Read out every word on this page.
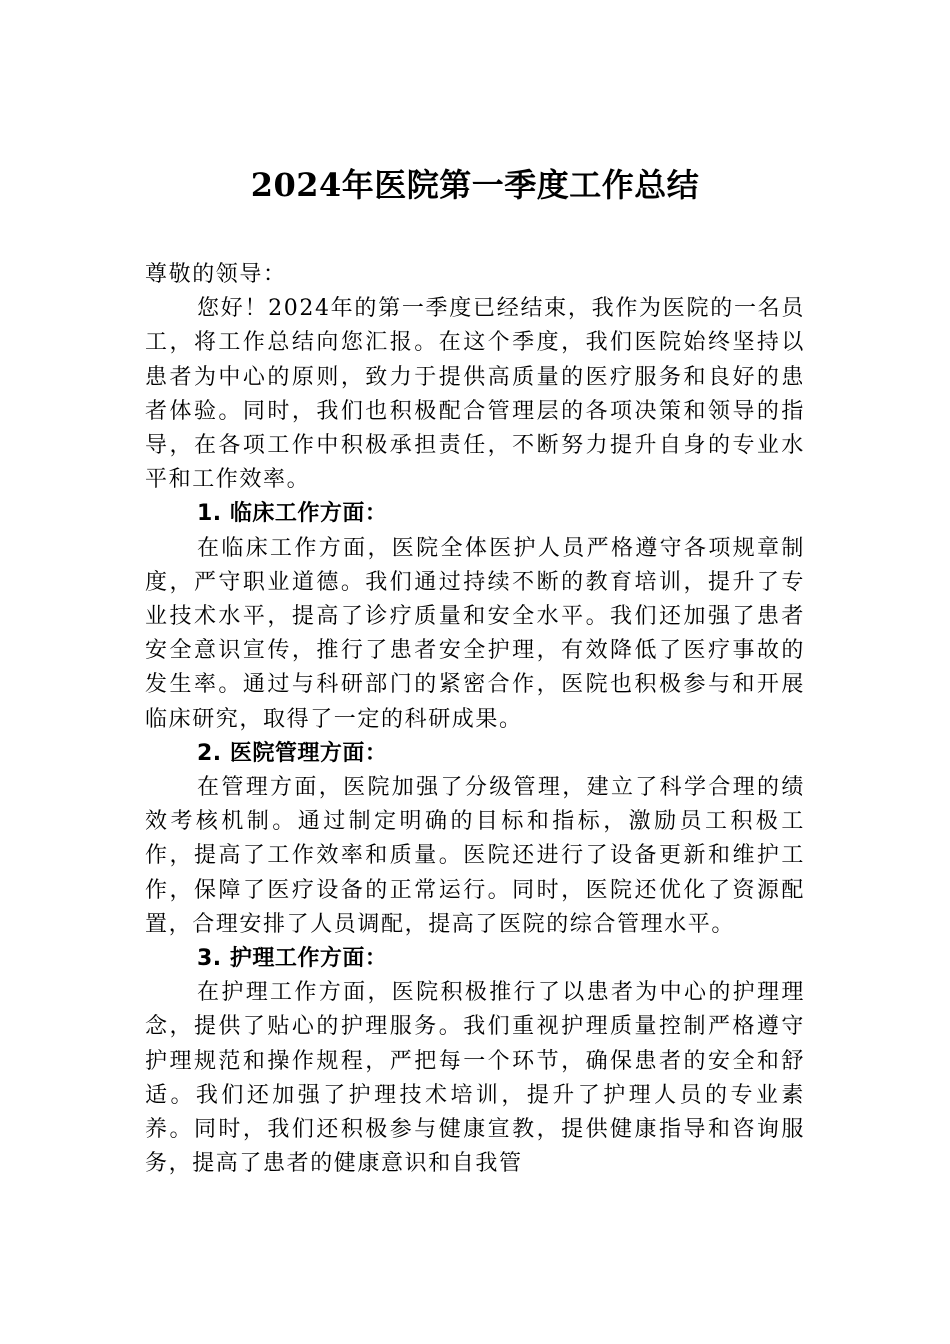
2024年医院第一季度工作总结

尊敬的领导：

您好！2024年的第一季度已经结束，我作为医院的一名员工，将工作总结向您汇报。在这个季度，我们医院始终坚持以患者为中心的原则，致力于提供高质量的医疗服务和良好的患者体验。同时，我们也积极配合管理层的各项决策和领导的指导，在各项工作中积极承担责任，不断努力提升自身的专业水平和工作效率。

1. 临床工作方面：

在临床工作方面，医院全体医护人员严格遵守各项规章制度，严守职业道德。我们通过持续不断的教育培训，提升了专业技术水平，提高了诊疗质量和安全水平。我们还加强了患者安全意识宣传，推行了患者安全护理，有效降低了医疗事故的发生率。通过与科研部门的紧密合作，医院也积极参与和开展临床研究，取得了一定的科研成果。

2. 医院管理方面：

在管理方面，医院加强了分级管理，建立了科学合理的绩效考核机制。通过制定明确的目标和指标，激励员工积极工作，提高了工作效率和质量。医院还进行了设备更新和维护工作，保障了医疗设备的正常运行。同时，医院还优化了资源配置，合理安排了人员调配，提高了医院的综合管理水平。

3. 护理工作方面：

在护理工作方面，医院积极推行了以患者为中心的护理理念，提供了贴心的护理服务。我们重视护理质量控制严格遵守护理规范和操作规程，严把每一个环节，确保患者的安全和舒适。我们还加强了护理技术培训，提升了护理人员的专业素养。同时，我们还积极参与健康宣教，提供健康指导和咨询服务，提高了患者的健康意识和自我管
